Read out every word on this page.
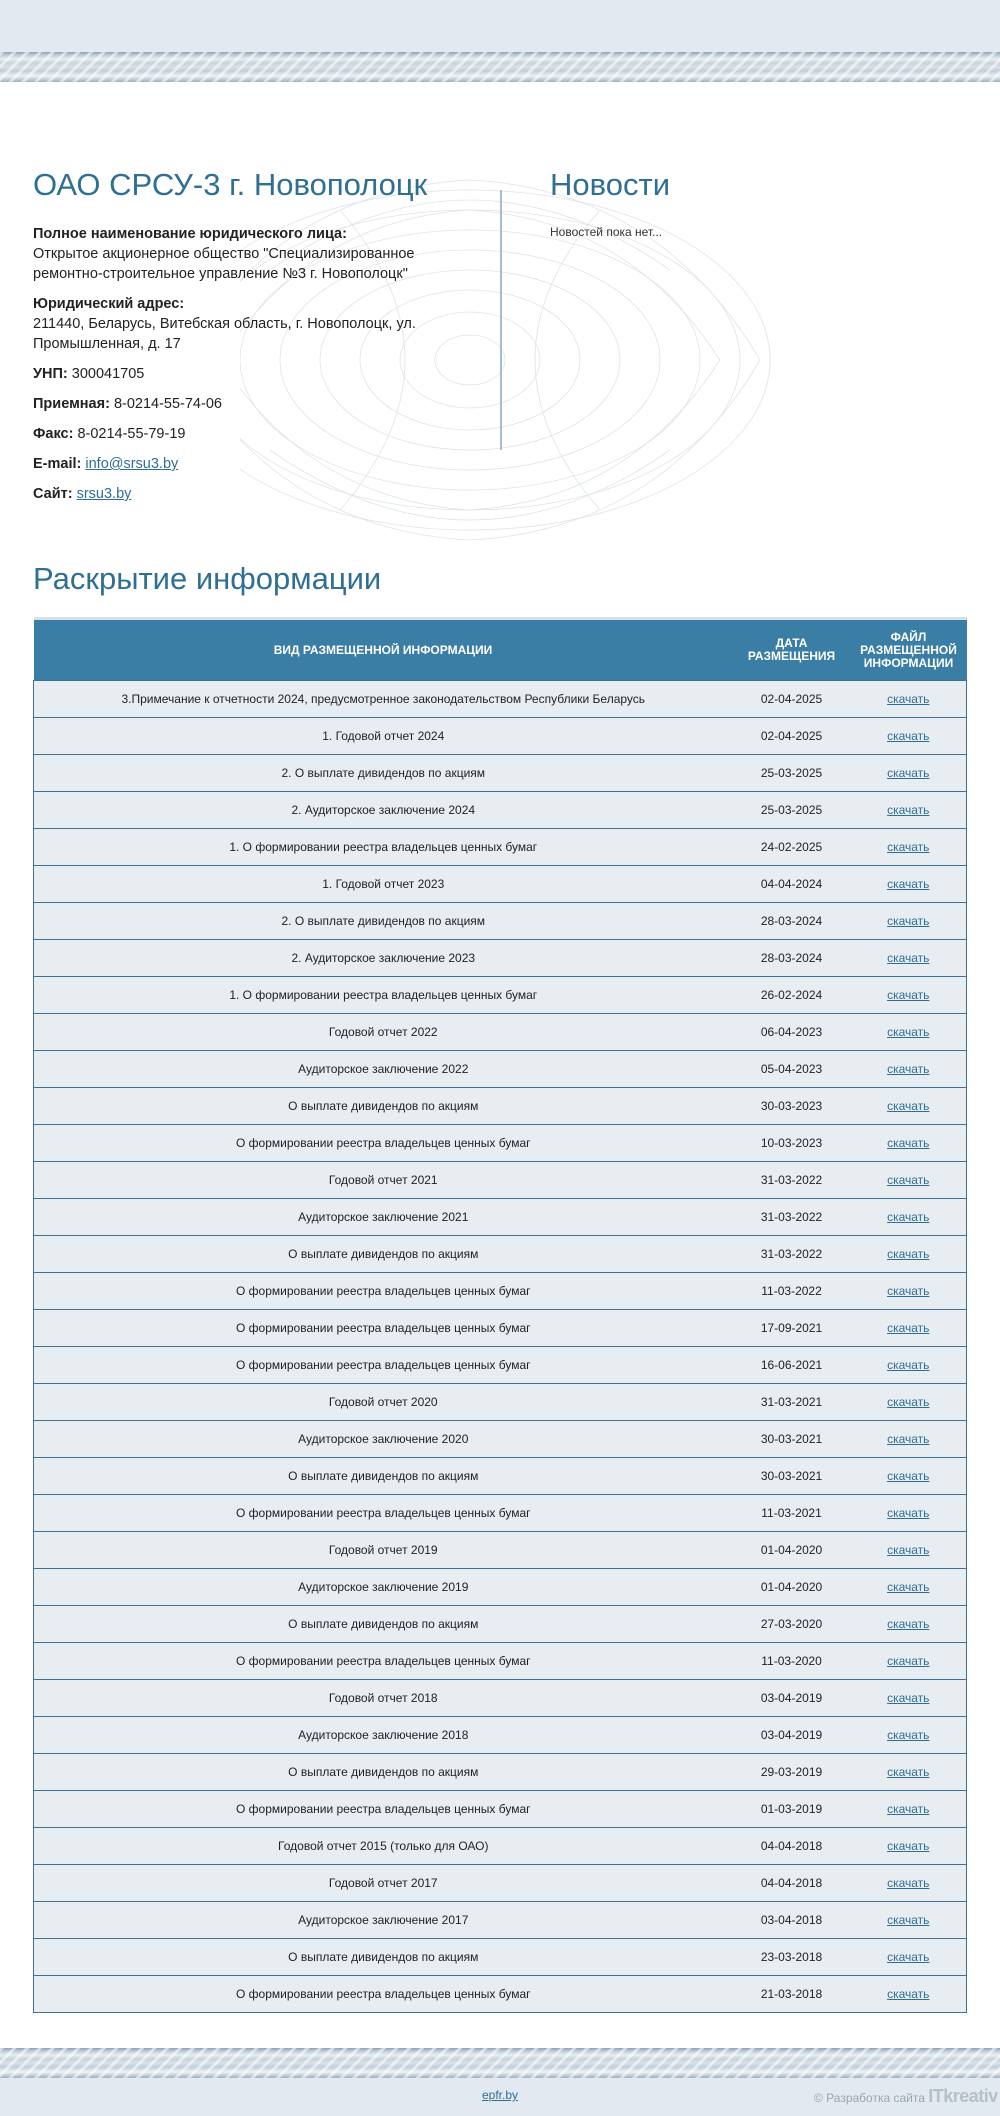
ОАО СРСУ-3 г. Новополоцк

Полное наименование юридического лица:
Открытое акционерное общество "Специализированное ремонтно-строительное управление №3 г. Новополоцк"

Юридический адрес:
211440, Беларусь, Витебская область, г. Новополоцк, ул. Промышленная, д. 17

УНП: 300041705

Приемная: 8-0214-55-74-06

Факс: 8-0214-55-79-19

E-mail: info@srsu3.by

Сайт: srsu3.by

Новости
Новостей пока нет...
Раскрытие информации
ВИД РАЗМЕЩЕННОЙ ИНФОРМАЦИИ	ДАТА РАЗМЕЩЕНИЯ	ФАЙЛ РАЗМЕЩЕННОЙ ИНФОРМАЦИИ
3.Примечание к отчетности 2024, предусмотренное законодательством Республики Беларусь	02-04-2025	скачать
1. Годовой отчет 2024	02-04-2025	скачать
2. О выплате дивидендов по акциям	25-03-2025	скачать
2. Аудиторское заключение 2024	25-03-2025	скачать
1. О формировании реестра владельцев ценных бумаг	24-02-2025	скачать
1. Годовой отчет 2023	04-04-2024	скачать
2. О выплате дивидендов по акциям	28-03-2024	скачать
2. Аудиторское заключение 2023	28-03-2024	скачать
1. О формировании реестра владельцев ценных бумаг	26-02-2024	скачать
Годовой отчет 2022	06-04-2023	скачать
Аудиторское заключение 2022	05-04-2023	скачать
О выплате дивидендов по акциям	30-03-2023	скачать
О формировании реестра владельцев ценных бумаг	10-03-2023	скачать
Годовой отчет 2021	31-03-2022	скачать
Аудиторское заключение 2021	31-03-2022	скачать
О выплате дивидендов по акциям	31-03-2022	скачать
О формировании реестра владельцев ценных бумаг	11-03-2022	скачать
О формировании реестра владельцев ценных бумаг	17-09-2021	скачать
О формировании реестра владельцев ценных бумаг	16-06-2021	скачать
Годовой отчет 2020	31-03-2021	скачать
Аудиторское заключение 2020	30-03-2021	скачать
О выплате дивидендов по акциям	30-03-2021	скачать
О формировании реестра владельцев ценных бумаг	11-03-2021	скачать
Годовой отчет 2019	01-04-2020	скачать
Аудиторское заключение 2019	01-04-2020	скачать
О выплате дивидендов по акциям	27-03-2020	скачать
О формировании реестра владельцев ценных бумаг	11-03-2020	скачать
Годовой отчет 2018	03-04-2019	скачать
Аудиторское заключение 2018	03-04-2019	скачать
О выплате дивидендов по акциям	29-03-2019	скачать
О формировании реестра владельцев ценных бумаг	01-03-2019	скачать
Годовой отчет 2015 (только для ОАО)	04-04-2018	скачать
Годовой отчет 2017	04-04-2018	скачать
Аудиторское заключение 2017	03-04-2018	скачать
О выплате дивидендов по акциям	23-03-2018	скачать
О формировании реестра владельцев ценных бумаг	21-03-2018	скачать
epfr.by	© Разработка сайта ITkreativ
